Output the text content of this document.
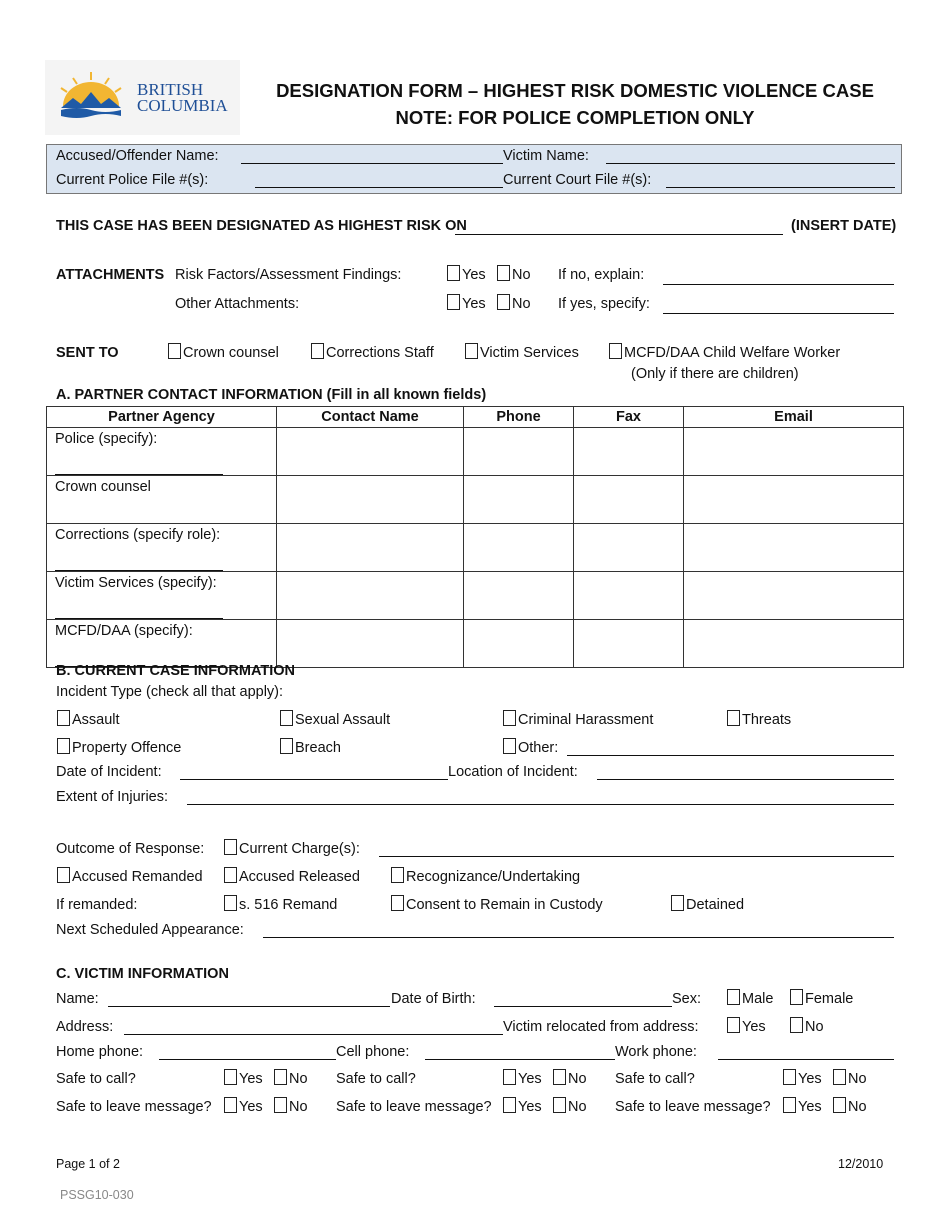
BRITISH
COLUMBIA
DESIGNATION FORM – HIGHEST RISK DOMESTIC VIOLENCE CASE
NOTE: FOR POLICE COMPLETION ONLY
Accused/Offender Name:	Victim Name:
Current Police File #(s):	Current Court File #(s):
THIS CASE HAS BEEN DESIGNATED AS HIGHEST RISK ON	(INSERT DATE)
ATTACHMENTS Risk Factors/Assessment Findings:	Yes	No If no, explain:
Other Attachments:	Yes	No If yes, specify:
SENT TO	Crown counsel	Corrections Staff	Victim Services	MCFD/DAA Child Welfare Worker
(Only if there are children)
A. PARTNER CONTACT INFORMATION (Fill in all known fields)
Partner Agency	Contact Name	Phone	Fax	Email
Police (specify):

Crown counsel				
Corrections (specify role):

Victim Services (specify):

MCFD/DAA (specify):

B. CURRENT CASE INFORMATION
Incident Type (check all that apply):
Assault	Sexual Assault	Criminal Harassment	Threats
Property Offence	Breach	Other:
Date of Incident:	Location of Incident:
Extent of Injuries:
Outcome of Response:	Current Charge(s):
Accused Remanded	Accused Released	Recognizance/Undertaking
If remanded:	s. 516 Remand	Consent to Remain in Custody	Detained
Next Scheduled Appearance:
C. VICTIM INFORMATION
Name:	Date of Birth:	Sex:	Male	Female
Address:	Victim relocated from address:	Yes	No
Home phone:	Cell phone:	Work phone:
Safe to call?	Yes	No Safe to call?	Yes	No Safe to call?	Yes	No
Safe to leave message?	Yes	No Safe to leave message?	Yes	No Safe to leave message?	Yes	No
Page 1 of 2	12/2010
PSSG10-030
